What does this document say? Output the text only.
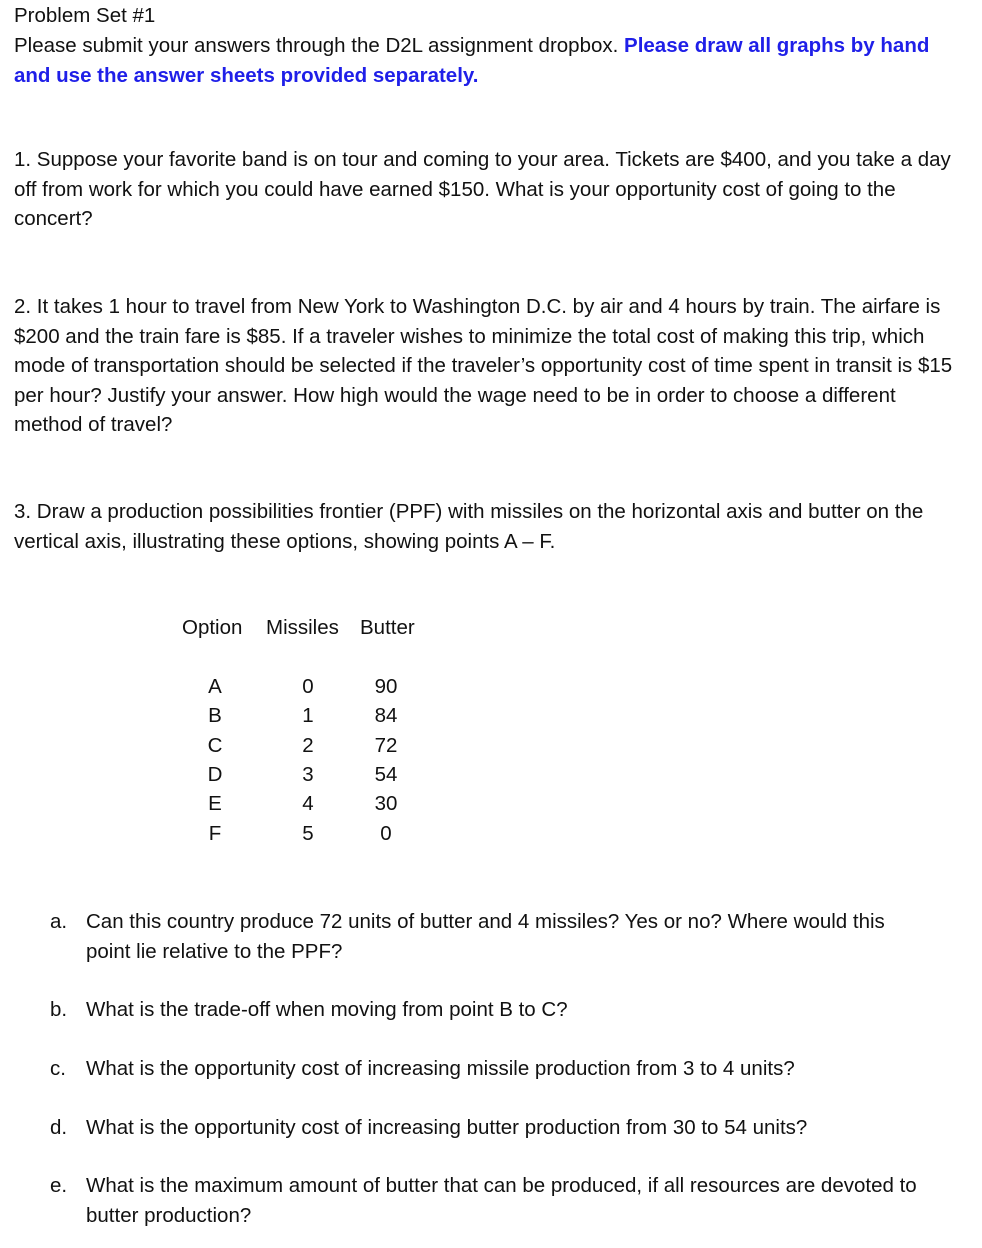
Problem Set #1
Please submit your answers through the D2L assignment dropbox. Please draw all graphs by hand and use the answer sheets provided separately.
1. Suppose your favorite band is on tour and coming to your area. Tickets are $400, and you take a day off from work for which you could have earned $150. What is your opportunity cost of going to the concert?
2. It takes 1 hour to travel from New York to Washington D.C. by air and 4 hours by train. The airfare is $200 and the train fare is $85. If a traveler wishes to minimize the total cost of making this trip, which mode of transportation should be selected if the traveler’s opportunity cost of time spent in transit is $15 per hour? Justify your answer. How high would the wage need to be in order to choose a different method of travel?
3. Draw a production possibilities frontier (PPF) with missiles on the horizontal axis and butter on the vertical axis, illustrating these options, showing points A – F.
Option Missiles Butter
A	0	90
B	1	84
C	2	72
D	3	54
E	4	30
F	5	0
a. Can this country produce 72 units of butter and 4 missiles? Yes or no? Where would this point lie relative to the PPF?
b. What is the trade-off when moving from point B to C?
c. What is the opportunity cost of increasing missile production from 3 to 4 units?
d. What is the opportunity cost of increasing butter production from 30 to 54 units?
e. What is the maximum amount of butter that can be produced, if all resources are devoted to butter production?
